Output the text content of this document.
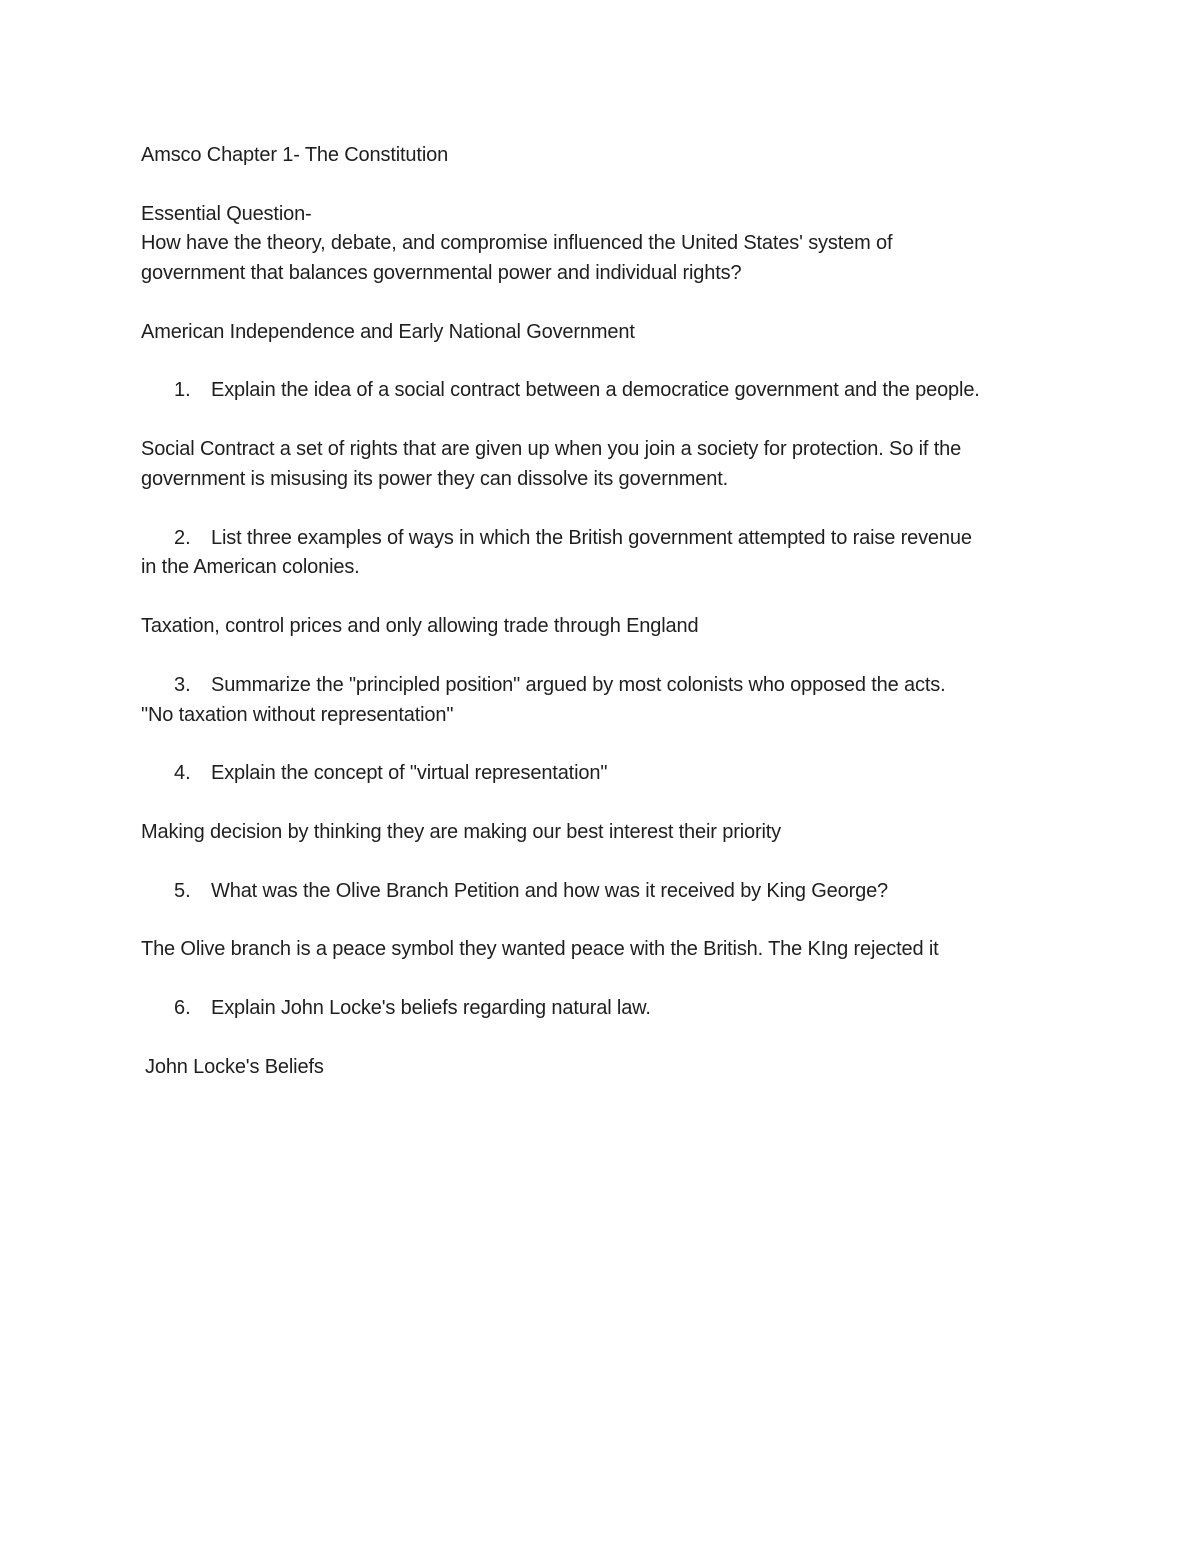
Amsco Chapter 1- The Constitution
Essential Question-
How have the theory, debate, and compromise influenced the United States' system of
government that balances governmental power and individual rights?
American Independence and Early National Government
1. Explain the idea of a social contract between a democratice government and the people.
Social Contract a set of rights that are given up when you join a society for protection. So if the
government is misusing its power they can dissolve its government.
2. List three examples of ways in which the British government attempted to raise revenue
in the American colonies.
Taxation, control prices and only allowing trade through England
3. Summarize the "principled position" argued by most colonists who opposed the acts.
"No taxation without representation"
4. Explain the concept of "virtual representation"
Making decision by thinking they are making our best interest their priority
5. What was the Olive Branch Petition and how was it received by King George?
The Olive branch is a peace symbol they wanted peace with the British. The KIng rejected it
6. Explain John Locke's beliefs regarding natural law.
John Locke's Beliefs
